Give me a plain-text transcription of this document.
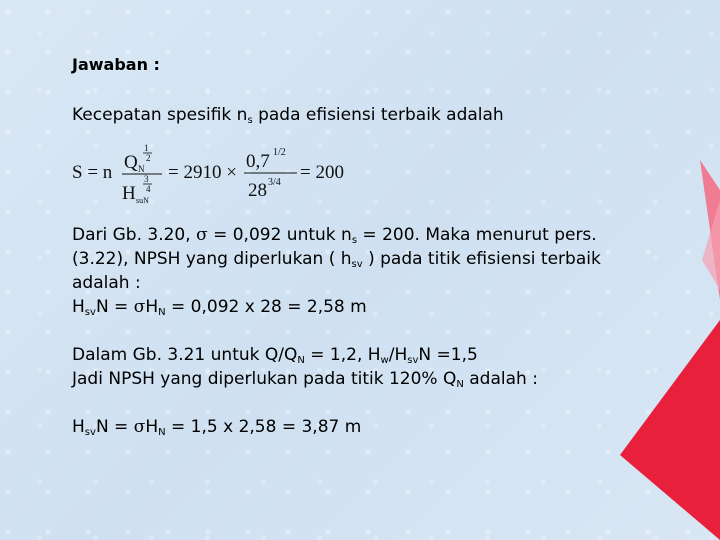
Jawaban :
Kecepatan spesifik $n_s$ pada efisiensi terbaik adalah
S = n Q N
1
2
3
4
H suN
= 2910 ×
0,7 1/2
28 3/4 = 200
Dari Gb. 3.20, σ = 0,092 untuk $n_s = 200$. Maka menurut pers.
(3.22), NPSH yang diperlukan ( $h_{sv}$ ) pada titik efisiensi terbaik
adalah :
$H_{sv}N = \sigma H_N = 0,092$ x 28 = 2,58 m
Dalam Gb. 3.21 untuk $Q/Q_N = 1,2$, $H_w/H_{sv}N =1,5$
Jadi NPSH yang diperlukan pada titik 120% $Q_N$ adalah :
$H_{sv}N = \sigma H_N = 1,5$ x 2,58 = 3,87 m
